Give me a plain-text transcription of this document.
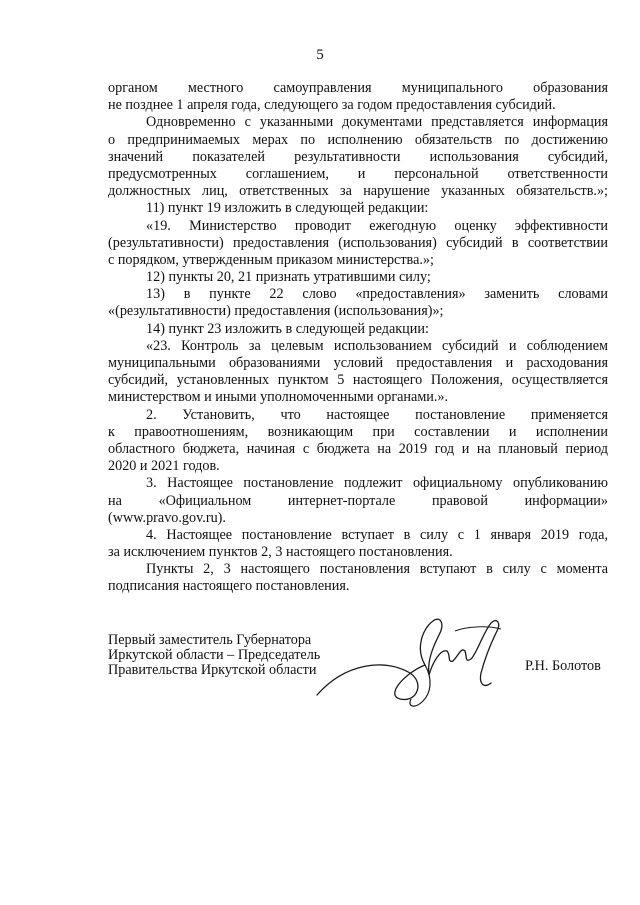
5
органом местного самоуправления муниципального образования
не позднее 1 апреля года, следующего за годом предоставления субсидий.
Одновременно с указанными документами представляется информация
о предпринимаемых мерах по исполнению обязательств по достижению
значений показателей результативности использования субсидий,
предусмотренных соглашением, и персональной ответственности
должностных лиц, ответственных за нарушение указанных обязательств.»;
11) пункт 19 изложить в следующей редакции:
«19. Министерство проводит ежегодную оценку эффективности
(результативности) предоставления (использования) субсидий в соответствии
с порядком, утвержденным приказом министерства.»;
12) пункты 20, 21 признать утратившими силу;
13) в пункте 22 слово «предоставления» заменить словами
«(результативности) предоставления (использования)»;
14) пункт 23 изложить в следующей редакции:
«23. Контроль за целевым использованием субсидий и соблюдением
муниципальными образованиями условий предоставления и расходования
субсидий, установленных пунктом 5 настоящего Положения, осуществляется
министерством и иными уполномоченными органами.».
2. Установить, что настоящее постановление применяется
к правоотношениям, возникающим при составлении и исполнении
областного бюджета, начиная с бюджета на 2019 год и на плановый период
2020 и 2021 годов.
3. Настоящее постановление подлежит официальному опубликованию
на «Официальном интернет-портале правовой информации»
(www.pravo.gov.ru).
4. Настоящее постановление вступает в силу с 1 января 2019 года,
за исключением пунктов 2, 3 настоящего постановления.
Пункты 2, 3 настоящего постановления вступают в силу с момента
подписания настоящего постановления.
Первый заместитель Губернатора
Иркутской области – Председатель
Правительства Иркутской области	Р.Н. Болотов
